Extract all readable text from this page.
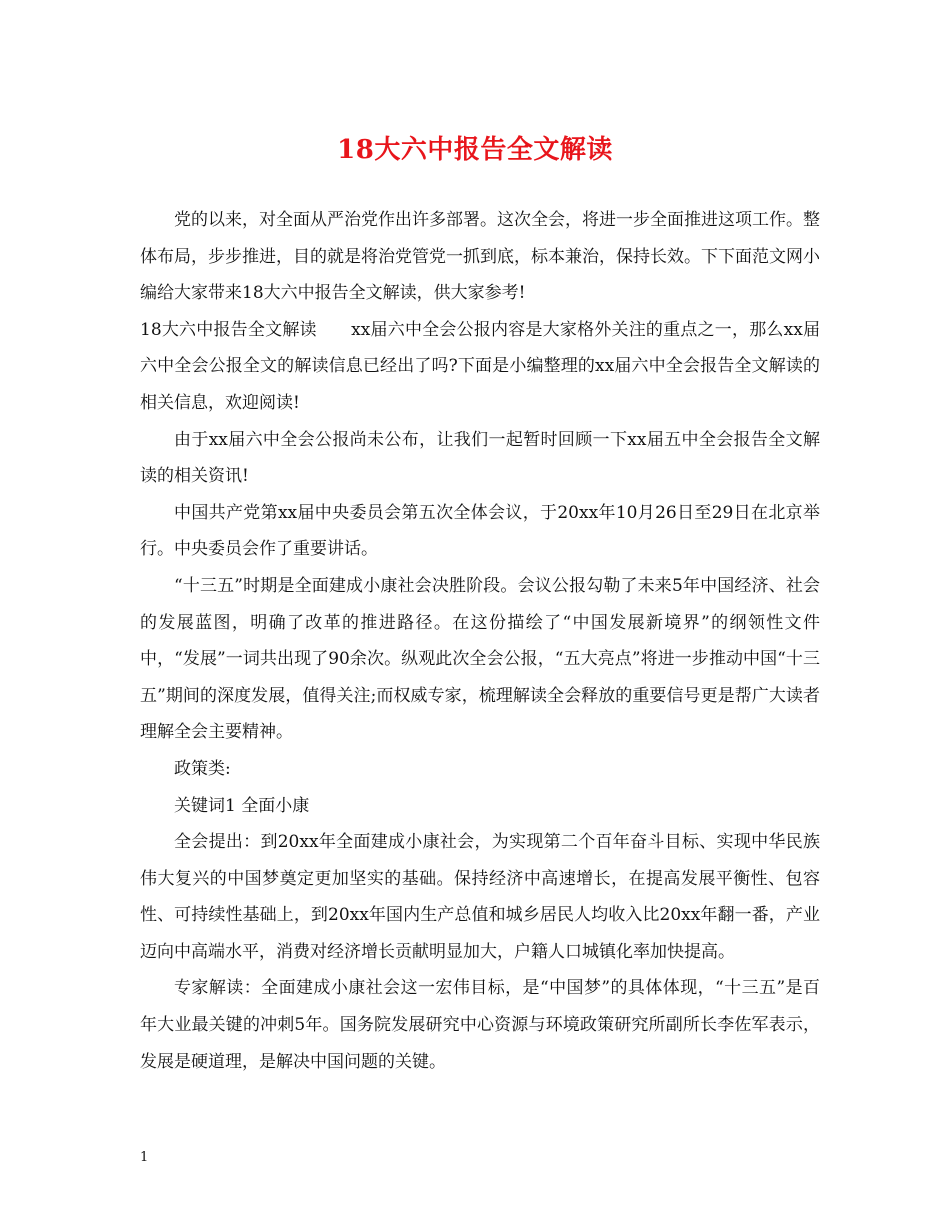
18大六中报告全文解读

党的以来，对全面从严治党作出许多部署。这次全会，将进一步全面推进这项工作。整体布局，步步推进，目的就是将治党管党一抓到底，标本兼治，保持长效。下下面范文网小编给大家带来18大六中报告全文解读，供大家参考!

18大六中报告全文解读　　xx届六中全会公报内容是大家格外关注的重点之一，那么xx届六中全会公报全文的解读信息已经出了吗?下面是小编整理的xx届六中全会报告全文解读的相关信息，欢迎阅读!

由于xx届六中全会公报尚未公布，让我们一起暂时回顾一下xx届五中全会报告全文解读的相关资讯!

中国共产党第xx届中央委员会第五次全体会议，于20xx年10月26日至29日在北京举行。中央委员会作了重要讲话。

“十三五”时期是全面建成小康社会决胜阶段。会议公报勾勒了未来5年中国经济、社会的发展蓝图，明确了改革的推进路径。在这份描绘了“中国发展新境界”的纲领性文件中，“发展”一词共出现了90余次。纵观此次全会公报，“五大亮点”将进一步推动中国“十三五”期间的深度发展，值得关注;而权威专家，梳理解读全会释放的重要信号更是帮广大读者理解全会主要精神。

政策类:

关键词1 全面小康

全会提出：到20xx年全面建成小康社会，为实现第二个百年奋斗目标、实现中华民族伟大复兴的中国梦奠定更加坚实的基础。保持经济中高速增长，在提高发展平衡性、包容性、可持续性基础上，到20xx年国内生产总值和城乡居民人均收入比20xx年翻一番，产业迈向中高端水平，消费对经济增长贡献明显加大，户籍人口城镇化率加快提高。

专家解读：全面建成小康社会这一宏伟目标，是“中国梦”的具体体现，“十三五”是百年大业最关键的冲刺5年。国务院发展研究中心资源与环境政策研究所副所长李佐军表示，发展是硬道理，是解决中国问题的关键。

1
